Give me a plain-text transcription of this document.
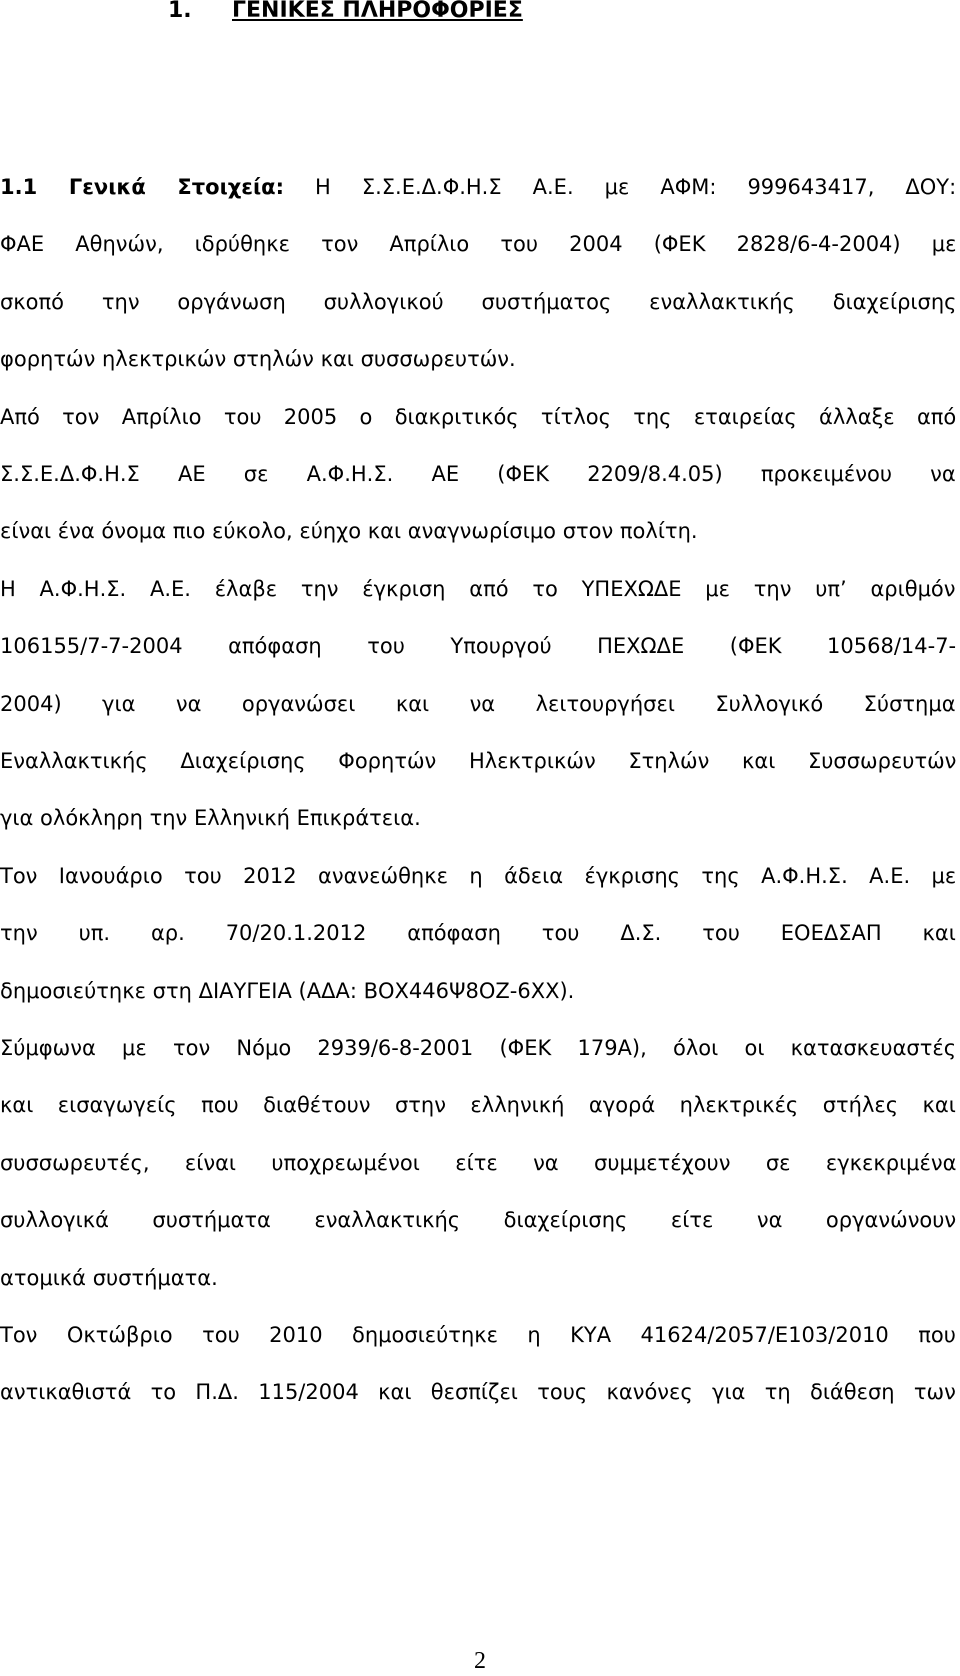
1. ΓΕΝΙΚΕΣ ΠΛΗΡΟΦΟΡΙΕΣ
1.1 Γενικά Στοιχεία: Η Σ.Σ.Ε.Δ.Φ.Η.Σ Α.Ε. με ΑΦΜ: 999643417, ΔΟΥ:
ΦΑΕ Αθηνών, ιδρύθηκε τον Απρίλιο του 2004 (ΦΕΚ 2828/6-4-2004) με
σκοπό την οργάνωση συλλογικού συστήματος εναλλακτικής διαχείρισης
φορητών ηλεκτρικών στηλών και συσσωρευτών.
Από τον Απρίλιο του 2005 ο διακριτικός τίτλος της εταιρείας άλλαξε από
Σ.Σ.Ε.Δ.Φ.Η.Σ ΑΕ σε Α.Φ.Η.Σ. ΑΕ (ΦΕΚ 2209/8.4.05) προκειμένου να
είναι ένα όνομα πιο εύκολο, εύηχο και αναγνωρίσιμο στον πολίτη.
Η Α.Φ.Η.Σ. Α.Ε. έλαβε την έγκριση από το ΥΠΕΧΩΔΕ με την υπ’ αριθμόν
106155/7-7-2004 απόφαση του Υπουργού ΠΕΧΩΔΕ (ΦΕΚ 10568/14-7-
2004) για να οργανώσει και να λειτουργήσει Συλλογικό Σύστημα
Εναλλακτικής Διαχείρισης Φορητών Ηλεκτρικών Στηλών και Συσσωρευτών
για ολόκληρη την Ελληνική Επικράτεια.
Τον Ιανουάριο του 2012 ανανεώθηκε η άδεια έγκρισης της Α.Φ.Η.Σ. Α.Ε. με
την υπ. αρ. 70/20.1.2012 απόφαση του Δ.Σ. του ΕΟΕΔΣΑΠ και
δημοσιεύτηκε στη ΔΙΑΥΓΕΙΑ (ΑΔΑ: ΒΟΧ446Ψ8ΟΖ-6ΧΧ).
Σύμφωνα με τον Νόμο 2939/6-8-2001 (ΦΕΚ 179Α), όλοι οι κατασκευαστές
και εισαγωγείς που διαθέτουν στην ελληνική αγορά ηλεκτρικές στήλες και
συσσωρευτές, είναι υποχρεωμένοι είτε να συμμετέχουν σε εγκεκριμένα
συλλογικά συστήματα εναλλακτικής διαχείρισης είτε να οργανώνουν
ατομικά συστήματα.
Τον Οκτώβριο του 2010 δημοσιεύτηκε η ΚΥΑ 41624/2057/Ε103/2010 που
αντικαθιστά το Π.Δ. 115/2004 και θεσπίζει τους κανόνες για τη διάθεση των
2
